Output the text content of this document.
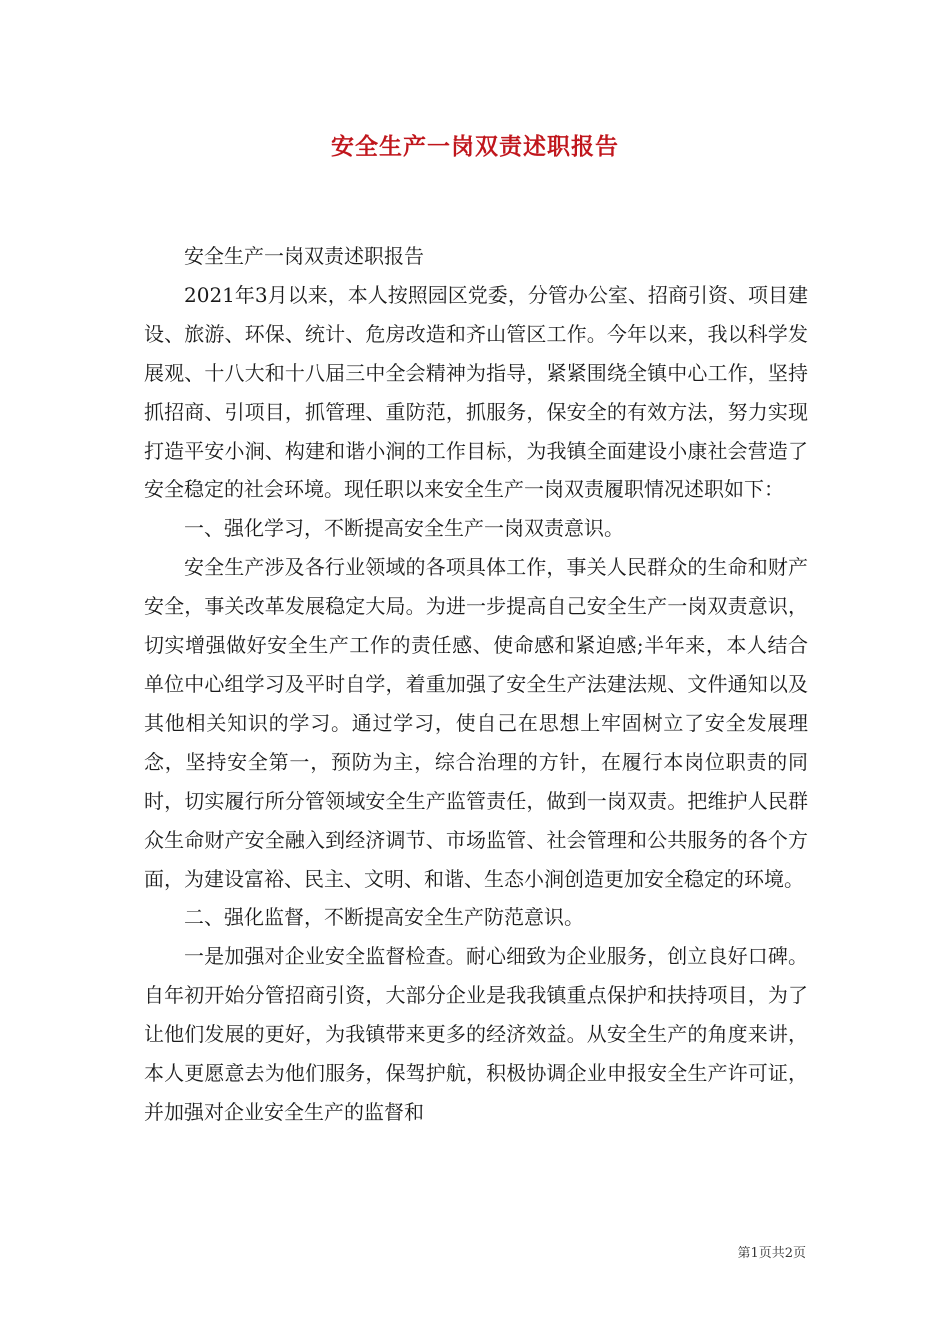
安全生产一岗双责述职报告

安全生产一岗双责述职报告

2021年3月以来，本人按照园区党委，分管办公室、招商引资、项目建设、旅游、环保、统计、危房改造和齐山管区工作。今年以来，我以科学发展观、十八大和十八届三中全会精神为指导，紧紧围绕全镇中心工作，坚持抓招商、引项目，抓管理、重防范，抓服务，保安全的有效方法，努力实现打造平安小涧、构建和谐小涧的工作目标，为我镇全面建设小康社会营造了安全稳定的社会环境。现任职以来安全生产一岗双责履职情况述职如下：

一、强化学习，不断提高安全生产一岗双责意识。

安全生产涉及各行业领域的各项具体工作，事关人民群众的生命和财产安全，事关改革发展稳定大局。为进一步提高自己安全生产一岗双责意识，切实增强做好安全生产工作的责任感、使命感和紧迫感;半年来，本人结合单位中心组学习及平时自学，着重加强了安全生产法建法规、文件通知以及其他相关知识的学习。通过学习，使自己在思想上牢固树立了安全发展理念，坚持安全第一，预防为主，综合治理的方针，在履行本岗位职责的同时，切实履行所分管领域安全生产监管责任，做到一岗双责。把维护人民群众生命财产安全融入到经济调节、市场监管、社会管理和公共服务的各个方面，为建设富裕、民主、文明、和谐、生态小涧创造更加安全稳定的环境。

二、强化监督，不断提高安全生产防范意识。

一是加强对企业安全监督检查。耐心细致为企业服务，创立良好口碑。自年初开始分管招商引资，大部分企业是我我镇重点保护和扶持项目，为了让他们发展的更好，为我镇带来更多的经济效益。从安全生产的角度来讲，本人更愿意去为他们服务，保驾护航，积极协调企业申报安全生产许可证，并加强对企业安全生产的监督和

第1页共2页
